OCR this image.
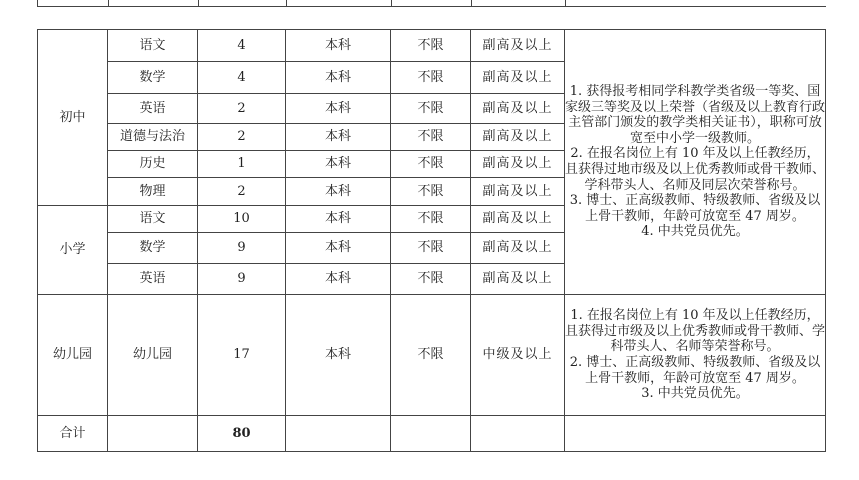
初中	语文	4	本科	不限	副高及以上	1. 获得报考相同学科教学类省级一等奖、国家级三等奖及以上荣誉（省级及以上教育行政主管部门颁发的教学类相关证书），职称可放宽至中小学一级教师。

2. 在报名岗位上有 10 年及以上任教经历，且获得过地市级及以上优秀教师或骨干教师、学科带头人、名师及同层次荣誉称号。

3. 博士、正高级教师、特级教师、省级及以上骨干教师，年龄可放宽至 47 周岁。

4. 中共党员优先。

	数学	4	本科	不限	副高及以上	
	英语	2	本科	不限	副高及以上	
	道德与法治	2	本科	不限	副高及以上	
	历史	1	本科	不限	副高及以上	
	物理	2	本科	不限	副高及以上	
小学	语文	10	本科	不限	副高及以上	
	数学	9	本科	不限	副高及以上	
	英语	9	本科	不限	副高及以上	
幼儿园	幼儿园	17	本科	不限	中级及以上	1. 在报名岗位上有 10 年及以上任教经历，且获得过市级及以上优秀教师或骨干教师、学科带头人、名师等荣誉称号。

2. 博士、正高级教师、特级教师、省级及以上骨干教师，年龄可放宽至 47 周岁。

3. 中共党员优先。

合计		80				
